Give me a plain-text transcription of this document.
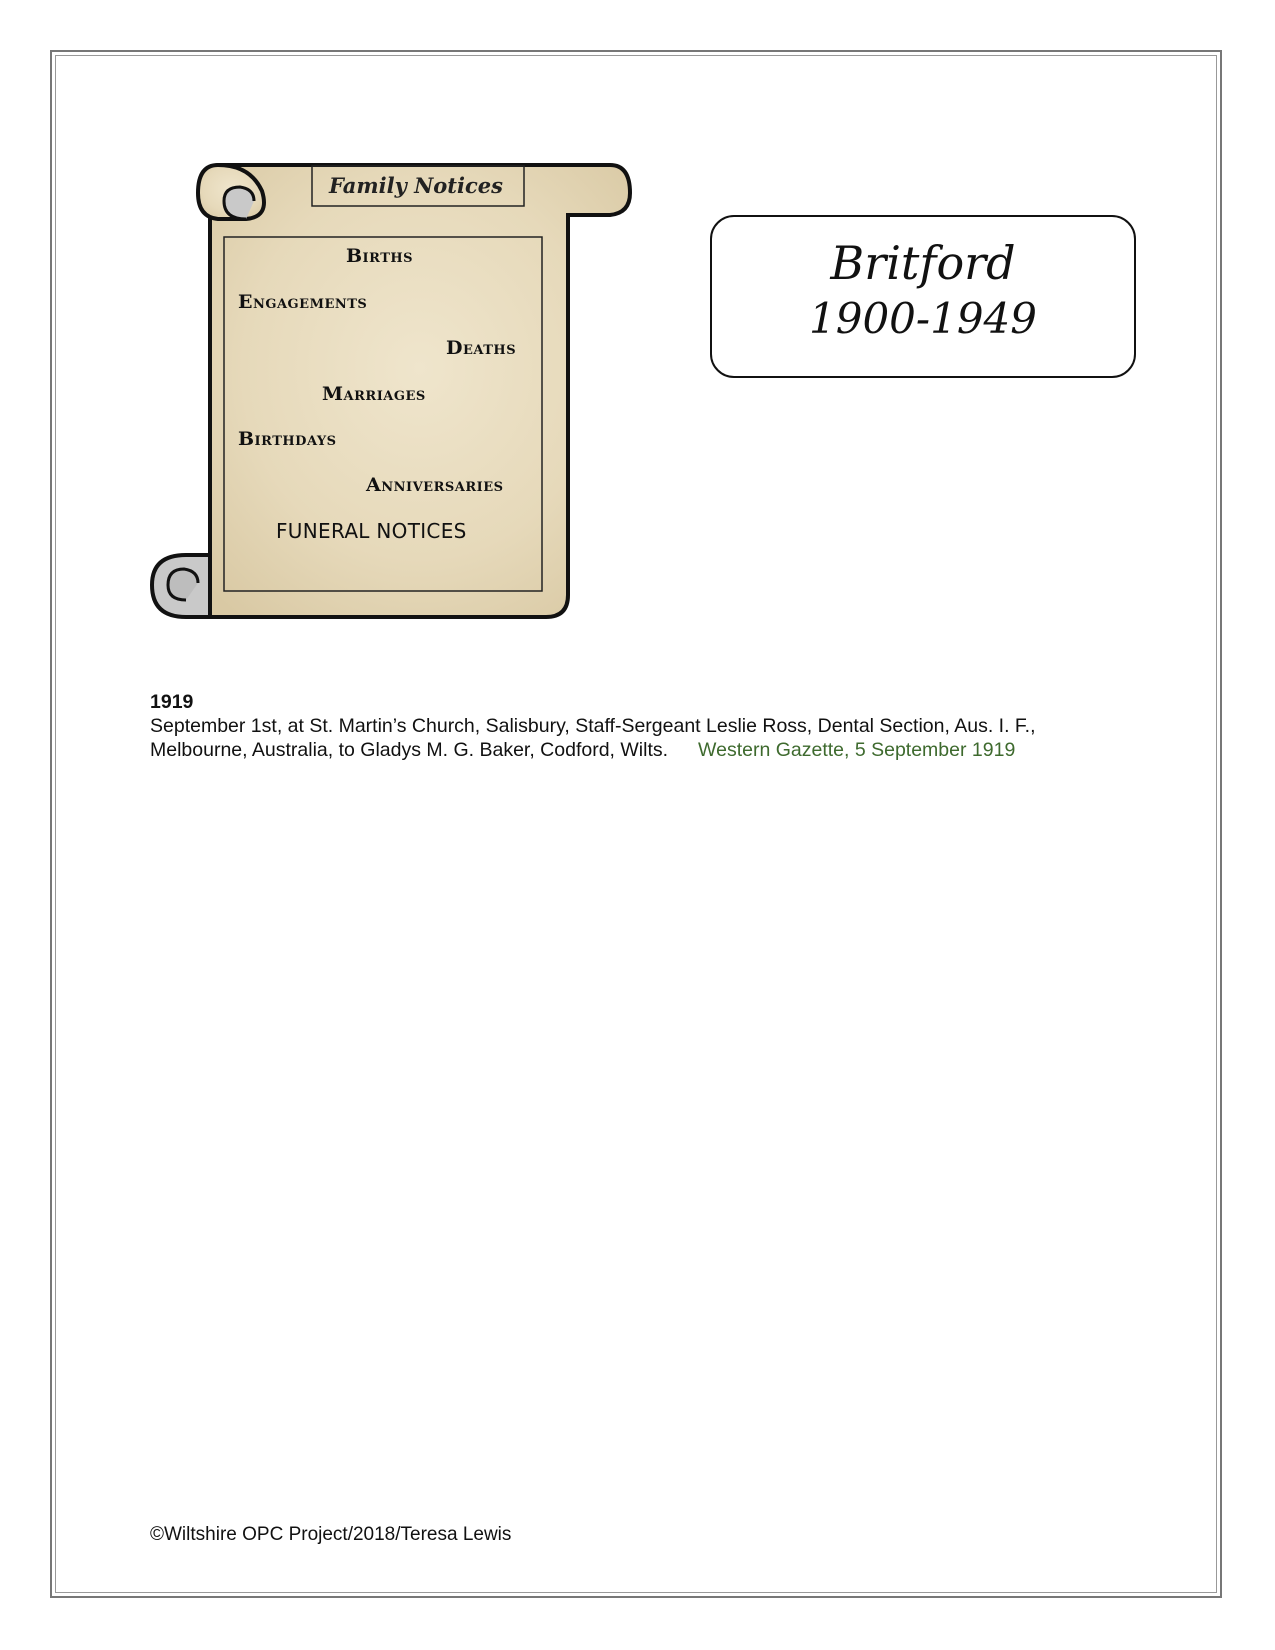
Family Notices
Births
Engagements
Deaths
Marriages
Birthdays
Anniversaries
FUNERAL NOTICES
Britford
1900-1949
1919
September 1st, at St. Martin’s Church, Salisbury, Staff-Sergeant Leslie Ross, Dental Section, Aus. I. F.,
Melbourne, Australia, to Gladys M. G. Baker, Codford, Wilts. Western Gazette, 5 September 1919
©Wiltshire OPC Project/2018/Teresa Lewis
